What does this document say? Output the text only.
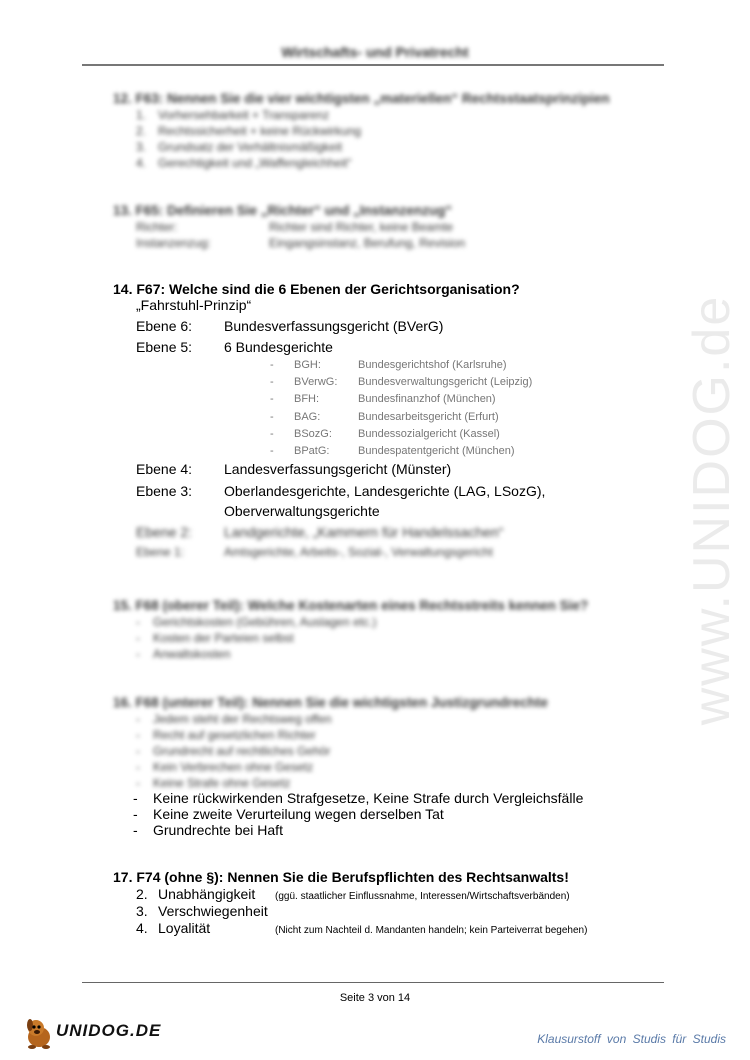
www.UNIDOG.de
Wirtschafts- und Privatrecht
12. F63: Nennen Sie die vier wichtigsten „materiellen“ Rechtsstaatsprinzipien
1. Vorhersehbarkeit + Transparenz
2. Rechtssicherheit + keine Rückwirkung
3. Grundsatz der Verhältnismäßigkeit
4. Gerechtigkeit und „Waffengleichheit“
13. F65: Definieren Sie „Richter“ und „Instanzenzug“
Richter:	Richter sind Richter, keine Beamte
Instanzenzug:	Eingangsinstanz, Berufung, Revision
14. F67: Welche sind die 6 Ebenen der Gerichtsorganisation?
„Fahrstuhl-Prinzip“
Ebene 6: Bundesverfassungsgericht (BVerG)
Ebene 5: 6 Bundesgerichte
- BGH:	Bundesgerichtshof (Karlsruhe)
- BVerwG: Bundesverwaltungsgericht (Leipzig)
- BFH:	Bundesfinanzhof (München)
- BAG:	Bundesarbeitsgericht (Erfurt)
- BSozG: Bundessozialgericht (Kassel)
- BPatG:	Bundespatentgericht (München)
Ebene 4: Landesverfassungsgericht (Münster)
Ebene 3: Oberlandesgerichte, Landesgerichte (LAG, LSozG),
Oberverwaltungsgerichte
Ebene 2: Landgerichte, „Kammern für Handelssachen“
Ebene 1:	Amtsgerichte, Arbeits-, Sozial-, Verwaltungsgericht
15. F68 (oberer Teil): Welche Kostenarten eines Rechtsstreits kennen Sie?
- Gerichtskosten (Gebühren, Auslagen etc.)
- Kosten der Parteien selbst
- Anwaltskosten
16. F68 (unterer Teil): Nennen Sie die wichtigsten Justizgrundrechte
- Jedem steht der Rechtsweg offen
- Recht auf gesetzlichen Richter
- Grundrecht auf rechtliches Gehör
- Kein Verbrechen ohne Gesetz
- Keine Strafe ohne Gesetz
- Keine rückwirkenden Strafgesetze, Keine Strafe durch Vergleichsfälle
- Keine zweite Verurteilung wegen derselben Tat
- Grundrechte bei Haft
17. F74 (ohne §): Nennen Sie die Berufspflichten des Rechtsanwalts!
2. Unabhängigkeit (ggü. staatlicher Einflussnahme, Interessen/Wirtschaftsverbänden)
3. Verschwiegenheit
4. Loyalität	(Nicht zum Nachteil d. Mandanten handeln; kein Parteiverrat begehen)
Seite 3 von 14
UNIDOG.DE	Klausurstoff von Studis für Studis
